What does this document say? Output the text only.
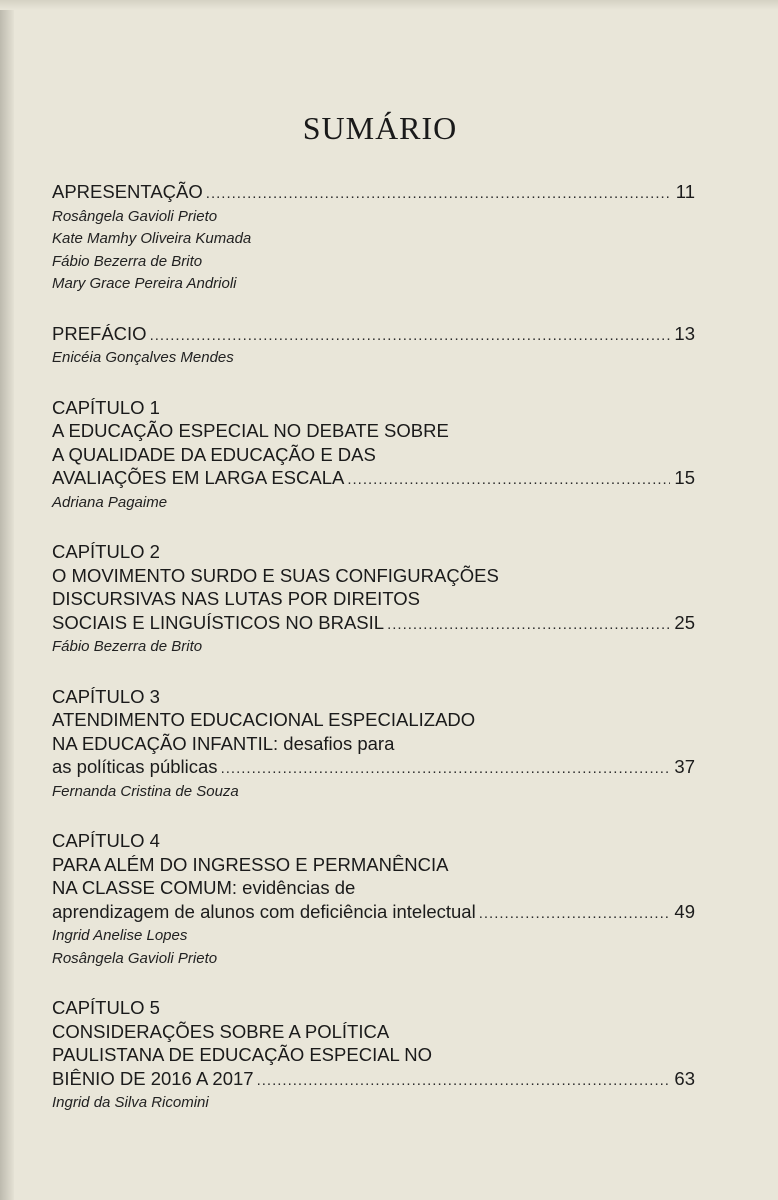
SUMÁRIO
APRESENTAÇÃO .....	11
Rosângela Gavioli Prieto
Kate Mamhy Oliveira Kumada
Fábio Bezerra de Brito
Mary Grace Pereira Andrioli
PREFÁCIO .....	13
Enicéia Gonçalves Mendes
CAPÍTULO 1
A EDUCAÇÃO ESPECIAL NO DEBATE SOBRE
A QUALIDADE DA EDUCAÇÃO E DAS
AVALIAÇÕES EM LARGA ESCALA .....	15
Adriana Pagaime
CAPÍTULO 2
O MOVIMENTO SURDO E SUAS CONFIGURAÇÕES
DISCURSIVAS NAS LUTAS POR DIREITOS
SOCIAIS E LINGUÍSTICOS NO BRASIL .....	25
Fábio Bezerra de Brito
CAPÍTULO 3
ATENDIMENTO EDUCACIONAL ESPECIALIZADO
NA EDUCAÇÃO INFANTIL: desafios para
as políticas públicas .....	37
Fernanda Cristina de Souza
CAPÍTULO 4
PARA ALÉM DO INGRESSO E PERMANÊNCIA
NA CLASSE COMUM: evidências de
aprendizagem de alunos com deficiência intelectual .....	49
Ingrid Anelise Lopes
Rosângela Gavioli Prieto
CAPÍTULO 5
CONSIDERAÇÕES SOBRE A POLÍTICA
PAULISTANA DE EDUCAÇÃO ESPECIAL NO
BIÊNIO DE 2016 A 2017 .....	63
Ingrid da Silva Ricomini
